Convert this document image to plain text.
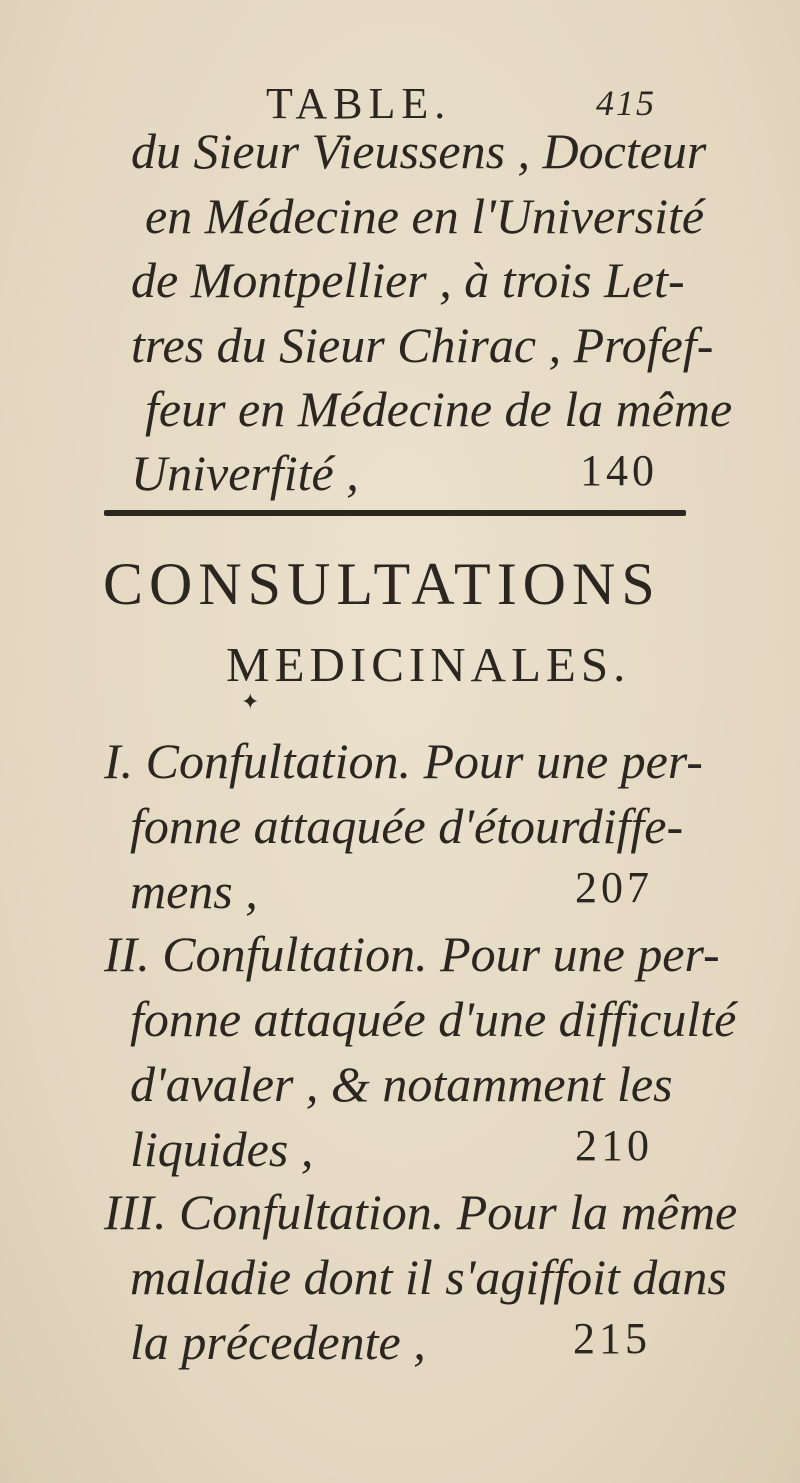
TABLE.	415
du Sieur Vieussens , Docteur
en Médecine en l'Université
de Montpellier , à trois Let-
tres du Sieur Chirac , Profef-
feur en Médecine de la même
Univerfité ,	140
CONSULTATIONS
MEDICINALES.
✦
I. Confultation. Pour une per-
fonne attaquée d'étourdiffe-
mens ,	207
II. Confultation. Pour une per-
fonne attaquée d'une difficulté
d'avaler , & notamment les
liquides ,	210
III. Confultation. Pour la même
maladie dont il s'agiffoit dans
la précedente ,	215
